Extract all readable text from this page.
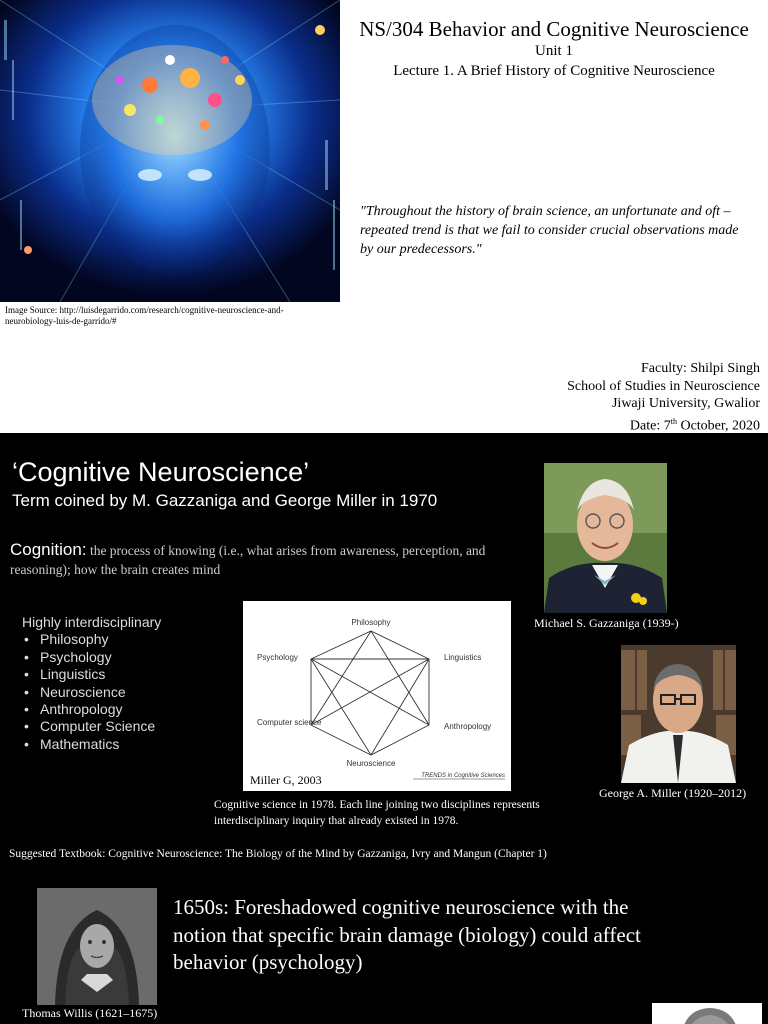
NS/304 Behavior and Cognitive Neuroscience
Unit 1
Lecture 1. A Brief History of Cognitive Neuroscience
"Throughout the history of brain science, an unfortunate and oft – repeated trend is that we fail to consider crucial observations made by our predecessors."
Image Source: http://luisdegarrido.com/research/cognitive-neuroscience-and-neurobiology-luis-de-garrido/#
Faculty: Shilpi Singh
School of Studies in Neuroscience
Jiwaji University, Gwalior
Date: 7th October, 2020
‘Cognitive Neuroscience’
Term coined by M. Gazzaniga and George Miller in 1970
Cognition: the process of knowing (i.e., what arises from awareness, perception, and reasoning); how the brain creates mind
Highly interdisciplinary
• Philosophy
• Psychology
• Linguistics
• Neuroscience
• Anthropology
• Computer Science
• Mathematics
Philosophy
Linguistics
Anthropology
Neuroscience
Computer science
Psychology
TRENDS in Cognitive Sciences
Miller G, 2003
Cognitive science in 1978. Each line joining two disciplines represents interdisciplinary inquiry that already existed in 1978.
Michael S. Gazzaniga (1939-)
George A. Miller (1920–2012)
Suggested Textbook: Cognitive Neuroscience: The Biology of the Mind by Gazzaniga, Ivry and Mangun (Chapter 1)
Thomas Willis (1621–1675)
1650s: Foreshadowed cognitive neuroscience with the notion that specific brain damage (biology) could affect behavior (psychology)
